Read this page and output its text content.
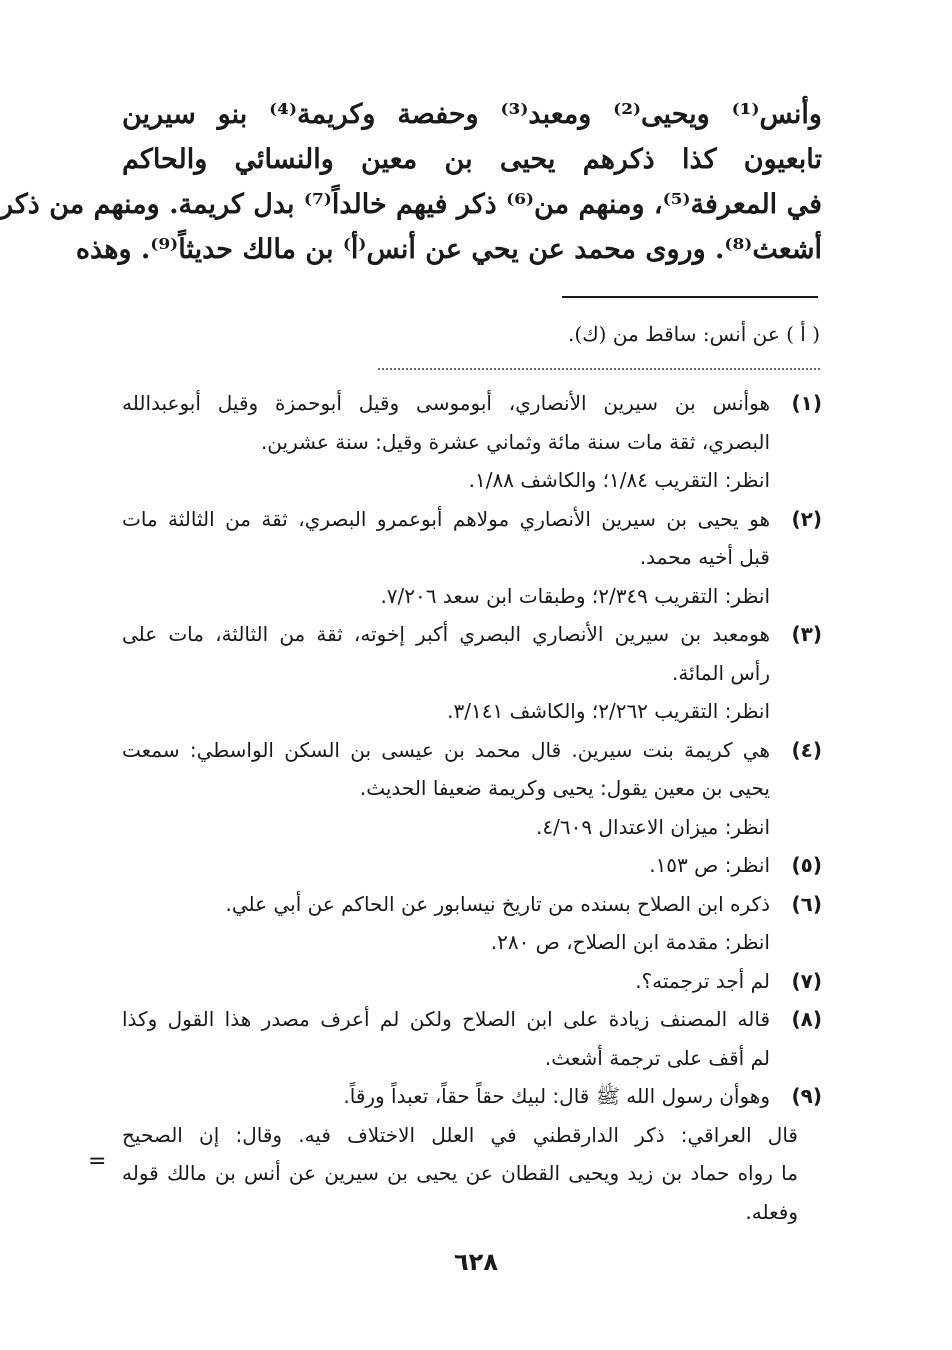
وأنس⁽¹⁾ ويحيى⁽²⁾ ومعبد⁽³⁾ وحفصة وكريمة⁽⁴⁾ بنو سيرين
تابعيون كذا ذكرهم يحيى بن معين والنسائي والحاكم
في المعرفة⁽⁵⁾، ومنهم من⁽⁶⁾ ذكر فيهم خالداً⁽⁷⁾ بدل كريمة. ومنهم من ذكر
أشعث⁽⁸⁾. وروى محمد عن يحي عن أنس⁽أ⁾ بن مالك حديثاً⁽⁹⁾. وهذه
( أ ) عن أنس: ساقط من (ك).
(١)
هوأنس بن سيرين الأنصاري، أبوموسى وقيل أبوحمزة وقيل أبوعبدالله
البصري، ثقة مات سنة مائة وثماني عشرة وقيل: سنة عشرين.
انظر: التقريب ١/٨٤؛ والكاشف ١/٨٨.
(٢)
هو يحيى بن سيرين الأنصاري مولاهم أبوعمرو البصري، ثقة من الثالثة مات
قبل أخيه محمد.
انظر: التقريب ٢/٣٤٩؛ وطبقات ابن سعد ٧/٢٠٦.
(٣)
هومعبد بن سيرين الأنصاري البصري أكبر إخوته، ثقة من الثالثة، مات على
رأس المائة.
انظر: التقريب ٢/٢٦٢؛ والكاشف ٣/١٤١.
(٤)
هي كريمة بنت سيرين. قال محمد بن عيسى بن السكن الواسطي: سمعت
يحيى بن معين يقول: يحيى وكريمة ضعيفا الحديث.
انظر: ميزان الاعتدال ٤/٦٠٩.
(٥)
انظر: ص ١٥٣.
(٦)
ذكره ابن الصلاح بسنده من تاريخ نيسابور عن الحاكم عن أبي علي.
انظر: مقدمة ابن الصلاح، ص ٢٨٠.
(٧)
لم أجد ترجمته؟.
(٨)
قاله المصنف زيادة على ابن الصلاح ولكن لم أعرف مصدر هذا القول وكذا
لم أقف على ترجمة أشعث.
(٩)
وهوأن رسول الله ﷺ قال: لبيك حقاً حقاً، تعبداً ورقاً.
قال العراقي: ذكر الدارقطني في العلل الاختلاف فيه. وقال: إن الصحيح
ما رواه حماد بن زيد ويحيى القطان عن يحيى بن سيرين عن أنس بن مالك قوله
وفعله.
=
٦٢٨
